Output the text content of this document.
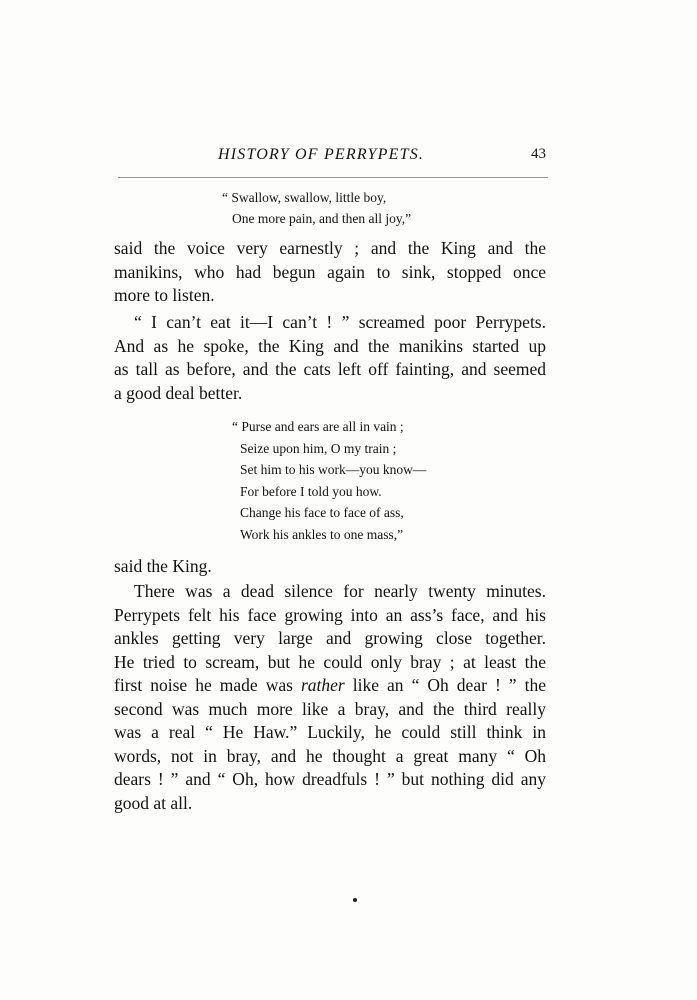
HISTORY OF PERRYPETS.	43
“ Swallow, swallow, little boy,
One more pain, and then all joy,”
said the voice very earnestly ; and the King and the
manikins, who had begun again to sink, stopped once
more to listen.
“ I can’t eat it—I can’t ! ” screamed poor Perrypets.
And as he spoke, the King and the manikins started up
as tall as before, and the cats left off fainting, and seemed
a good deal better.
“ Purse and ears are all in vain ;
Seize upon him, O my train ;
Set him to his work—you know—
For before I told you how.
Change his face to face of ass,
Work his ankles to one mass,”
said the King.
There was a dead silence for nearly twenty minutes.
Perrypets felt his face growing into an ass’s face, and his
ankles getting very large and growing close together.
He tried to scream, but he could only bray ; at least the
first noise he made was rather like an “ Oh dear ! ” the
second was much more like a bray, and the third really
was a real “ He Haw.” Luckily, he could still think in
words, not in bray, and he thought a great many “ Oh
dears ! ” and “ Oh, how dreadfuls ! ” but nothing did any
good at all.
